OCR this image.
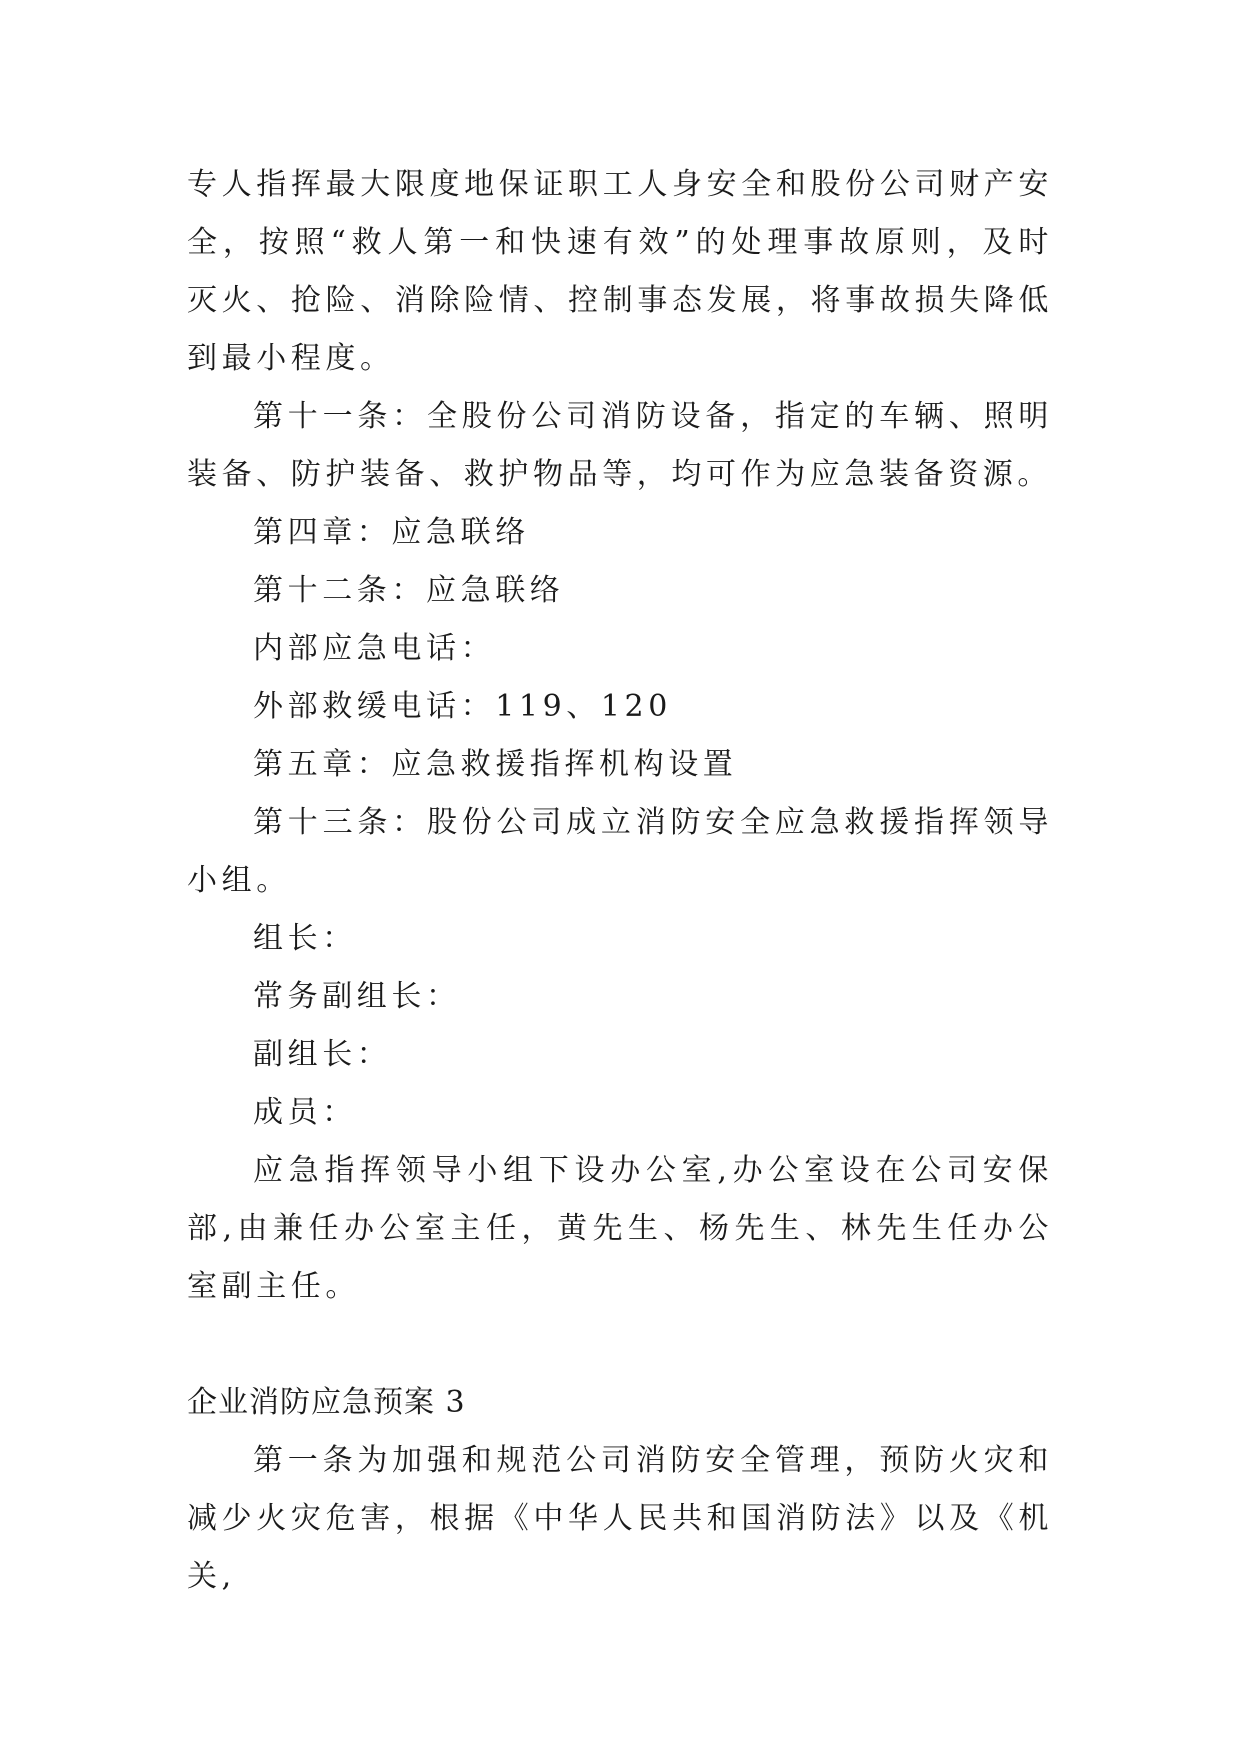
专人指挥最大限度地保证职工人身安全和股份公司财产安全，按照“救人第一和快速有效”的处理事故原则，及时灭火、抢险、消除险情、控制事态发展，将事故损失降低到最小程度。

第十一条：全股份公司消防设备，指定的车辆、照明装备、防护装备、救护物品等，均可作为应急装备资源。

第四章：应急联络

第十二条：应急联络

内部应急电话：

外部救缓电话：119、120

第五章：应急救援指挥机构设置

第十三条：股份公司成立消防安全应急救援指挥领导小组。

组长：

常务副组长：

副组长：

成员：

应急指挥领导小组下设办公室,办公室设在公司安保部,由兼任办公室主任，黄先生、杨先生、林先生任办公室副主任。

企业消防应急预案 3

第一条为加强和规范公司消防安全管理，预防火灾和减少火灾危害，根据《中华人民共和国消防法》以及《机关,
